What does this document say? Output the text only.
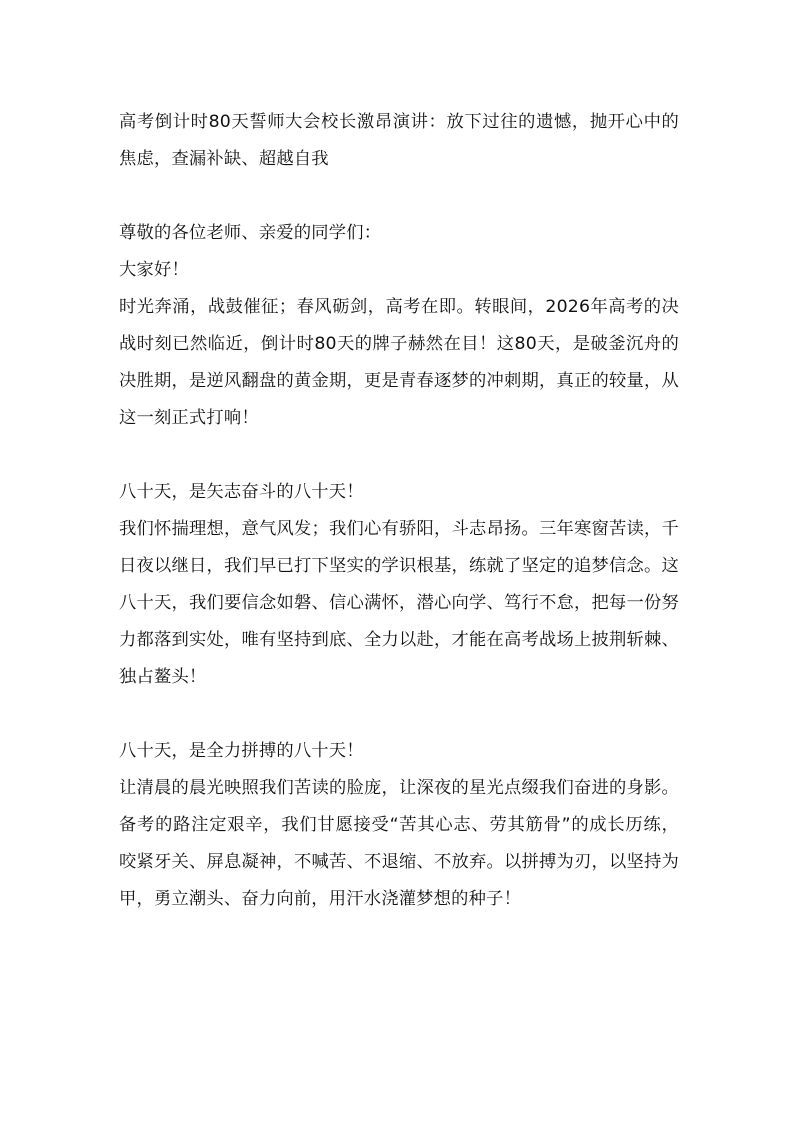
高考倒计时80天誓师大会校长激昂演讲：放下过往的遗憾，抛开心中的焦虑，查漏补缺、超越自我

尊敬的各位老师、亲爱的同学们：

大家好！

时光奔涌，战鼓催征；春风砺剑，高考在即。转眼间，2026年高考的决战时刻已然临近，倒计时80天的牌子赫然在目！这80天，是破釜沉舟的决胜期，是逆风翻盘的黄金期，更是青春逐梦的冲刺期，真正的较量，从这一刻正式打响！

八十天，是矢志奋斗的八十天！

我们怀揣理想，意气风发；我们心有骄阳，斗志昂扬。三年寒窗苦读，千日夜以继日，我们早已打下坚实的学识根基，练就了坚定的追梦信念。这八十天，我们要信念如磐、信心满怀，潜心向学、笃行不怠，把每一份努力都落到实处，唯有坚持到底、全力以赴，才能在高考战场上披荆斩棘、独占鳌头！

八十天，是全力拼搏的八十天！

让清晨的晨光映照我们苦读的脸庞，让深夜的星光点缀我们奋进的身影。备考的路注定艰辛，我们甘愿接受“苦其心志、劳其筋骨”的成长历练，咬紧牙关、屏息凝神，不喊苦、不退缩、不放弃。以拼搏为刃，以坚持为甲，勇立潮头、奋力向前，用汗水浇灌梦想的种子！
